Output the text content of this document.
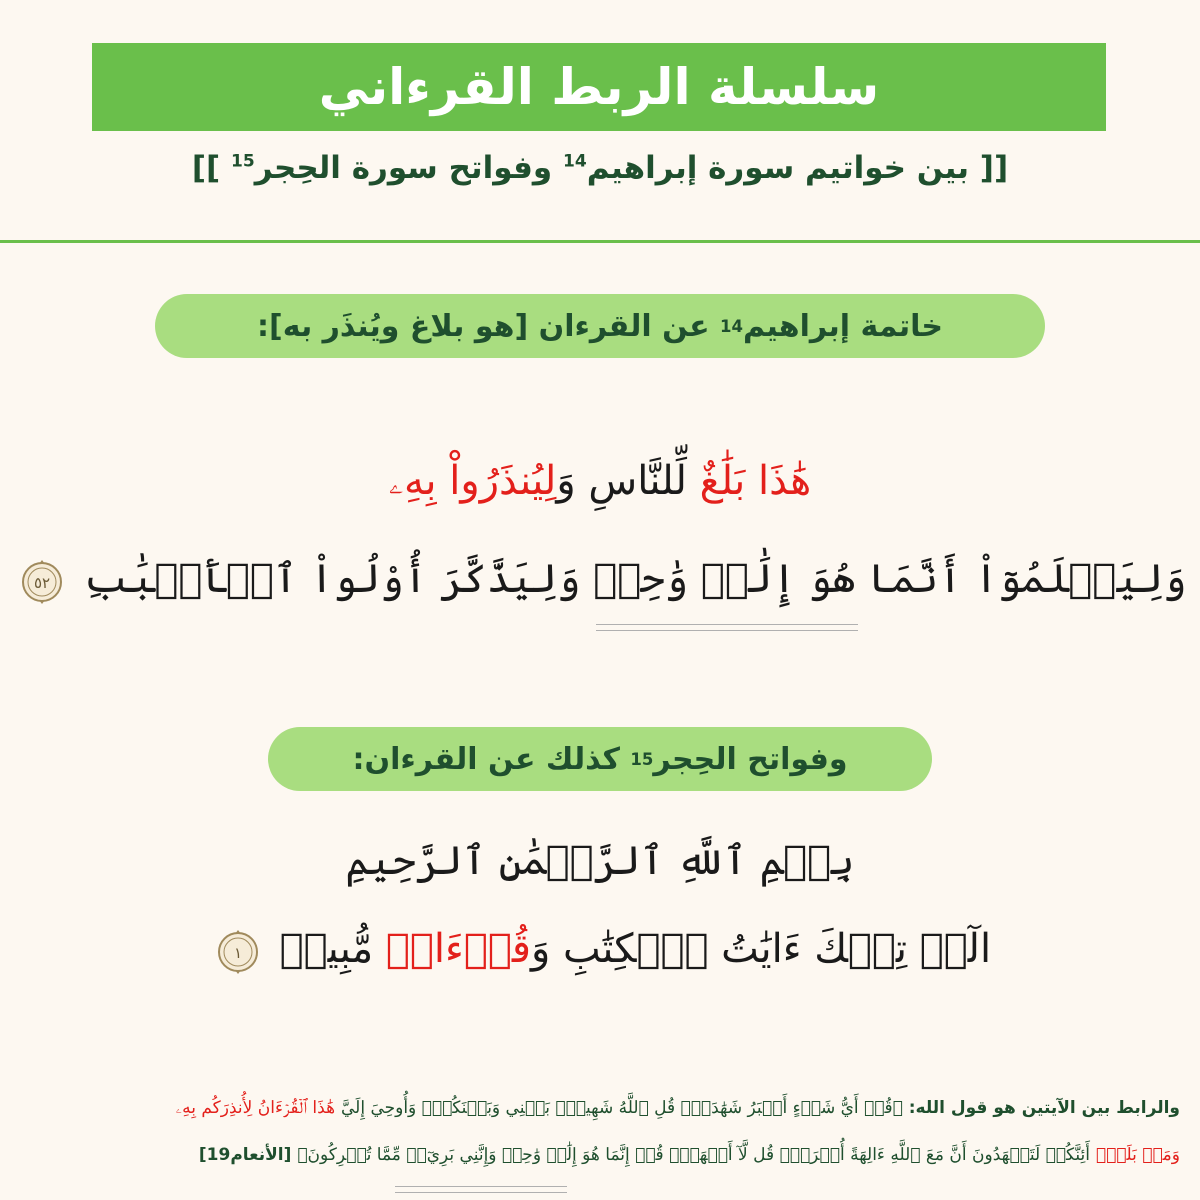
سلسلة الربط القرءاني
[[ بين خواتيم سورة إبراهيم$^{14}$ وفواتح سورة الحِجر$^{15}$ ]]
خاتمة إبراهيم
14

عن القرءان [هو بلاغ ويُنذَر به]:
هَٰذَا بَلَٰغٌ لِّلنَّاسِ وَلِيُنذَرُواْ بِهِۦ
وَلِيَعۡلَمُوٓاْ أَنَّمَا هُوَ إِلَٰهٞ وَٰحِدٞ وَلِيَذَّكَّرَ أُوْلُواْ ٱلۡأَلۡبَٰبِ
٥٢
وفواتح الحِجر
15

كذلك عن القرءان:
بِسۡمِ ٱللَّهِ ٱلرَّحۡمَٰنِ ٱلرَّحِيمِ
الٓرۚ تِلۡكَ ءَايَٰتُ ٱلۡكِتَٰبِ وَقُرۡءَانٖ مُّبِينٖ
١
والرابط بين الآيتين هو قول الله: ﴿قُلۡ أَيُّ شَيۡءٍ أَكۡبَرُ شَهَٰدَةٗۖ قُلِ ٱللَّهُ شَهِيدُۢ بَيۡنِي وَبَيۡنَكُمۡۚ وَأُوحِيَ إِلَيَّ هَٰذَا ٱلۡقُرۡءَانُ لِأُنذِرَكُم بِهِۦ
وَمَنۢ بَلَغَۚ أَئِنَّكُمۡ لَتَشۡهَدُونَ أَنَّ مَعَ ٱللَّهِ ءَالِهَةً أُخۡرَىٰۚ قُل لَّآ أَشۡهَدُۚ قُلۡ إِنَّمَا هُوَ إِلَٰهٞ وَٰحِدٞ وَإِنَّنِي بَرِيٓءٞ مِّمَّا تُشۡرِكُونَ﴾ [الأنعام19]
